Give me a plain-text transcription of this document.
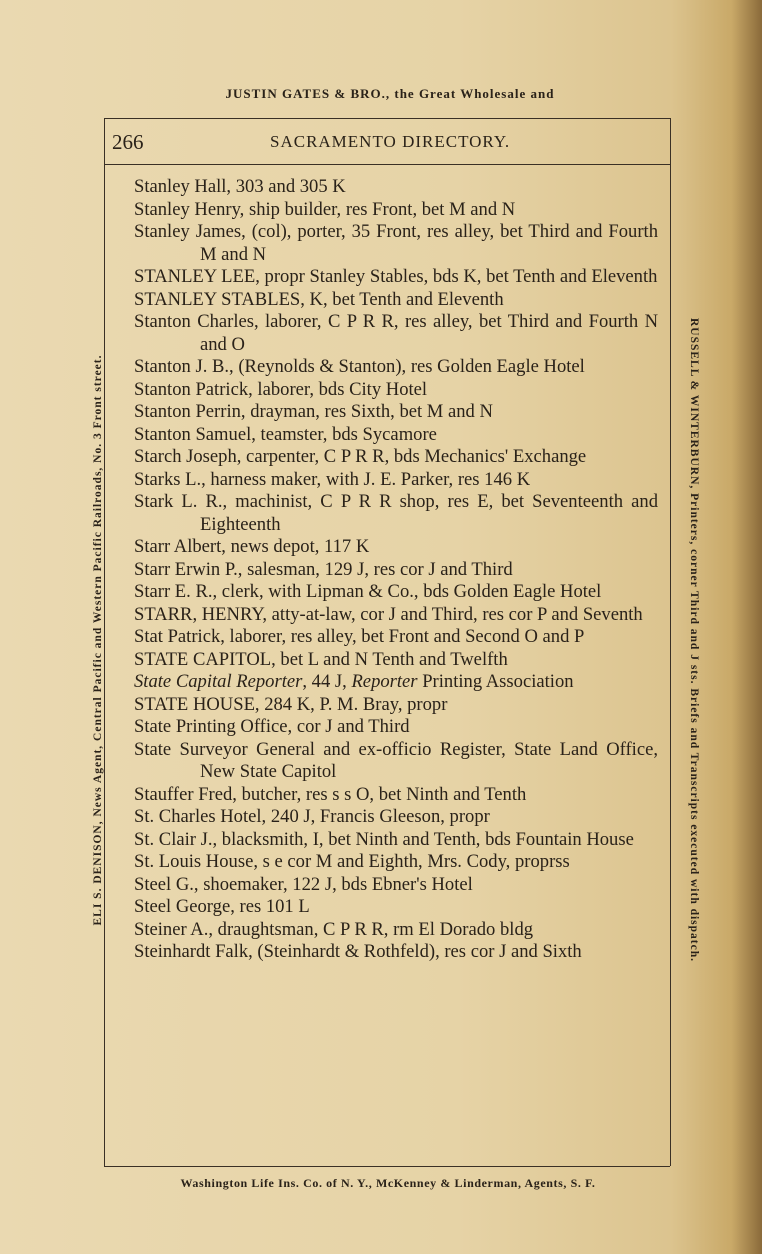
JUSTIN GATES & BRO., the Great Wholesale and
266	SACRAMENTO DIRECTORY.
ELI S. DENISON, News Agent, Central Pacific and Western Pacific Railroads, No. 3 Front street.	RUSSELL & WINTERBURN, Printers, corner Third and J sts. Briefs and Transcripts executed with dispatch.
Stanley Hall, 303 and 305 K
Stanley Henry, ship builder, res Front, bet M and N
Stanley James, (col), porter, 35 Front, res alley, bet Third and Fourth M and N
STANLEY LEE, propr Stanley Stables, bds K, bet Tenth and Eleventh
STANLEY STABLES, K, bet Tenth and Eleventh
Stanton Charles, laborer, C P R R, res alley, bet Third and Fourth N and O
Stanton J. B., (Reynolds & Stanton), res Golden Eagle Hotel
Stanton Patrick, laborer, bds City Hotel
Stanton Perrin, drayman, res Sixth, bet M and N
Stanton Samuel, teamster, bds Sycamore
Starch Joseph, carpenter, C P R R, bds Mechanics' Exchange
Starks L., harness maker, with J. E. Parker, res 146 K
Stark L. R., machinist, C P R R shop, res E, bet Seventeenth and Eighteenth
Starr Albert, news depot, 117 K
Starr Erwin P., salesman, 129 J, res cor J and Third
Starr E. R., clerk, with Lipman & Co., bds Golden Eagle Hotel
STARR, HENRY, atty-at-law, cor J and Third, res cor P and Seventh
Stat Patrick, laborer, res alley, bet Front and Second O and P
STATE CAPITOL, bet L and N Tenth and Twelfth
State Capital Reporter, 44 J, Reporter Printing Association
STATE HOUSE, 284 K, P. M. Bray, propr
State Printing Office, cor J and Third
State Surveyor General and ex-officio Register, State Land Office, New State Capitol
Stauffer Fred, butcher, res s s O, bet Ninth and Tenth
St. Charles Hotel, 240 J, Francis Gleeson, propr
St. Clair J., blacksmith, I, bet Ninth and Tenth, bds Fountain House
St. Louis House, s e cor M and Eighth, Mrs. Cody, proprss
Steel G., shoemaker, 122 J, bds Ebner's Hotel
Steel George, res 101 L
Steiner A., draughtsman, C P R R, rm El Dorado bldg
Steinhardt Falk, (Steinhardt & Rothfeld), res cor J and Sixth
Washington Life Ins. Co. of N. Y., McKenney & Linderman, Agents, S. F.
